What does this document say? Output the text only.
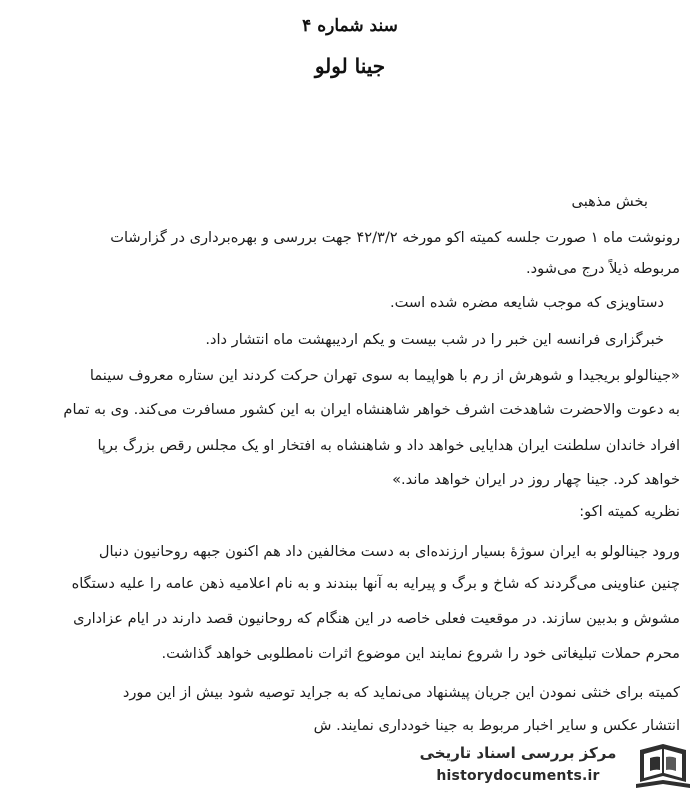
سند شماره ۴
جینا لولو
بخش مذهبی
رونوشت ماه ۱ صورت جلسه کمیته اکو مورخه ۴۲/۳/۲ جهت بررسی و بهره‌برداری در گزارشات
مربوطه ذیلاً درج می‌شود.
دستاویزی که موجب شایعه مضره شده است.
خبرگزاری فرانسه این خبر را در شب بیست و یکم اردیبهشت ماه انتشار داد.
«جینالولو بریجیدا و شوهرش از رم با هواپیما به سوی تهران حرکت کردند این ستاره معروف سینما
به دعوت والاحضرت شاهدخت اشرف خواهر شاهنشاه ایران به این کشور مسافرت می‌کند. وی به تمام
افراد خاندان سلطنت ایران هدایایی خواهد داد و شاهنشاه به افتخار او یک مجلس رقص بزرگ برپا
خواهد کرد. جینا چهار روز در ایران خواهد ماند.»
نظریه کمیته اکو:
ورود جینالولو به ایران سوژهٔ بسیار ارزنده‌ای به دست مخالفین داد هم اکنون جبهه روحانیون دنبال
چنین عناوینی می‌گردند که شاخ و برگ و پیرایه به آنها ببندند و به نام اعلامیه ذهن عامه را علیه دستگاه
مشوش و بدبین سازند. در موقعیت فعلی خاصه در این هنگام که روحانیون قصد دارند در ایام عزاداری
محرم حملات تبلیغاتی خود را شروع نمایند این موضوع اثرات نامطلوبی خواهد گذاشت.
کمیته برای خنثی نمودن این جریان پیشنهاد می‌نماید که به جراید توصیه شود بیش از این مورد
انتشار عکس و سایر اخبار مربوط به جینا خودداری نمایند. ش
مرکز بررسی اسناد تاریخی
historydocuments.ir
